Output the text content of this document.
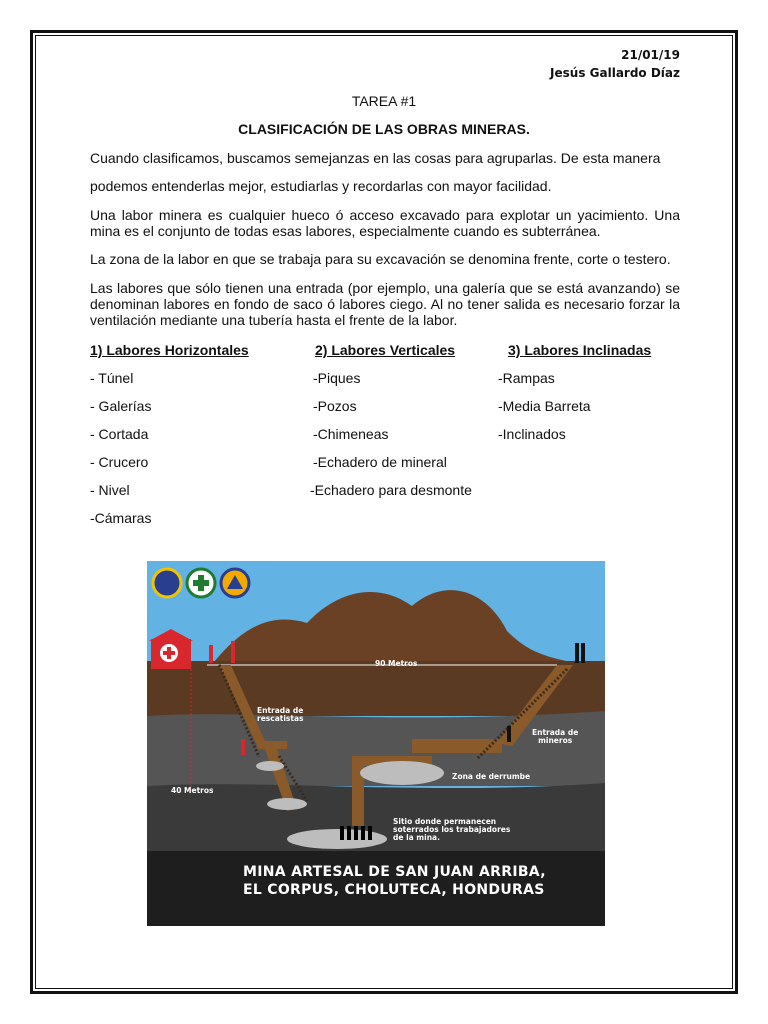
21/01/19
Jesús Gallardo Díaz
TAREA #1
CLASIFICACIÓN DE LAS OBRAS MINERAS.
Cuando clasificamos, buscamos semejanzas en las cosas para agruparlas. De esta manera
podemos entenderlas mejor, estudiarlas y recordarlas con mayor facilidad.
Una labor minera es cualquier hueco ó acceso excavado para explotar un yacimiento. Una mina es el conjunto de todas esas labores, especialmente cuando es subterránea.
La zona de la labor en que se trabaja para su excavación se denomina frente, corte o testero.
Las labores que sólo tienen una entrada (por ejemplo, una galería que se está avanzando) se denominan labores en fondo de saco ó labores ciego. Al no tener salida es necesario forzar la ventilación mediante una tubería hasta el frente de la labor.
1) Labores Horizontales	2) Labores Verticales	3) Labores Inclinadas
- Túnel
- Galerías
- Cortada
- Crucero
- Nivel
-Cámaras
-Piques
-Pozos
-Chimeneas
-Echadero de mineral
-Echadero para desmonte
-Rampas
-Media Barreta
-Inclinados
90 Metros
40 Metros
Entrada de
rescatistas
Entrada de
mineros
Zona de derrumbe
Sitio donde permanecen
soterrados los trabajadores
de la mina.
MINA ARTESAL DE SAN JUAN ARRIBA,
EL CORPUS, CHOLUTECA, HONDURAS
